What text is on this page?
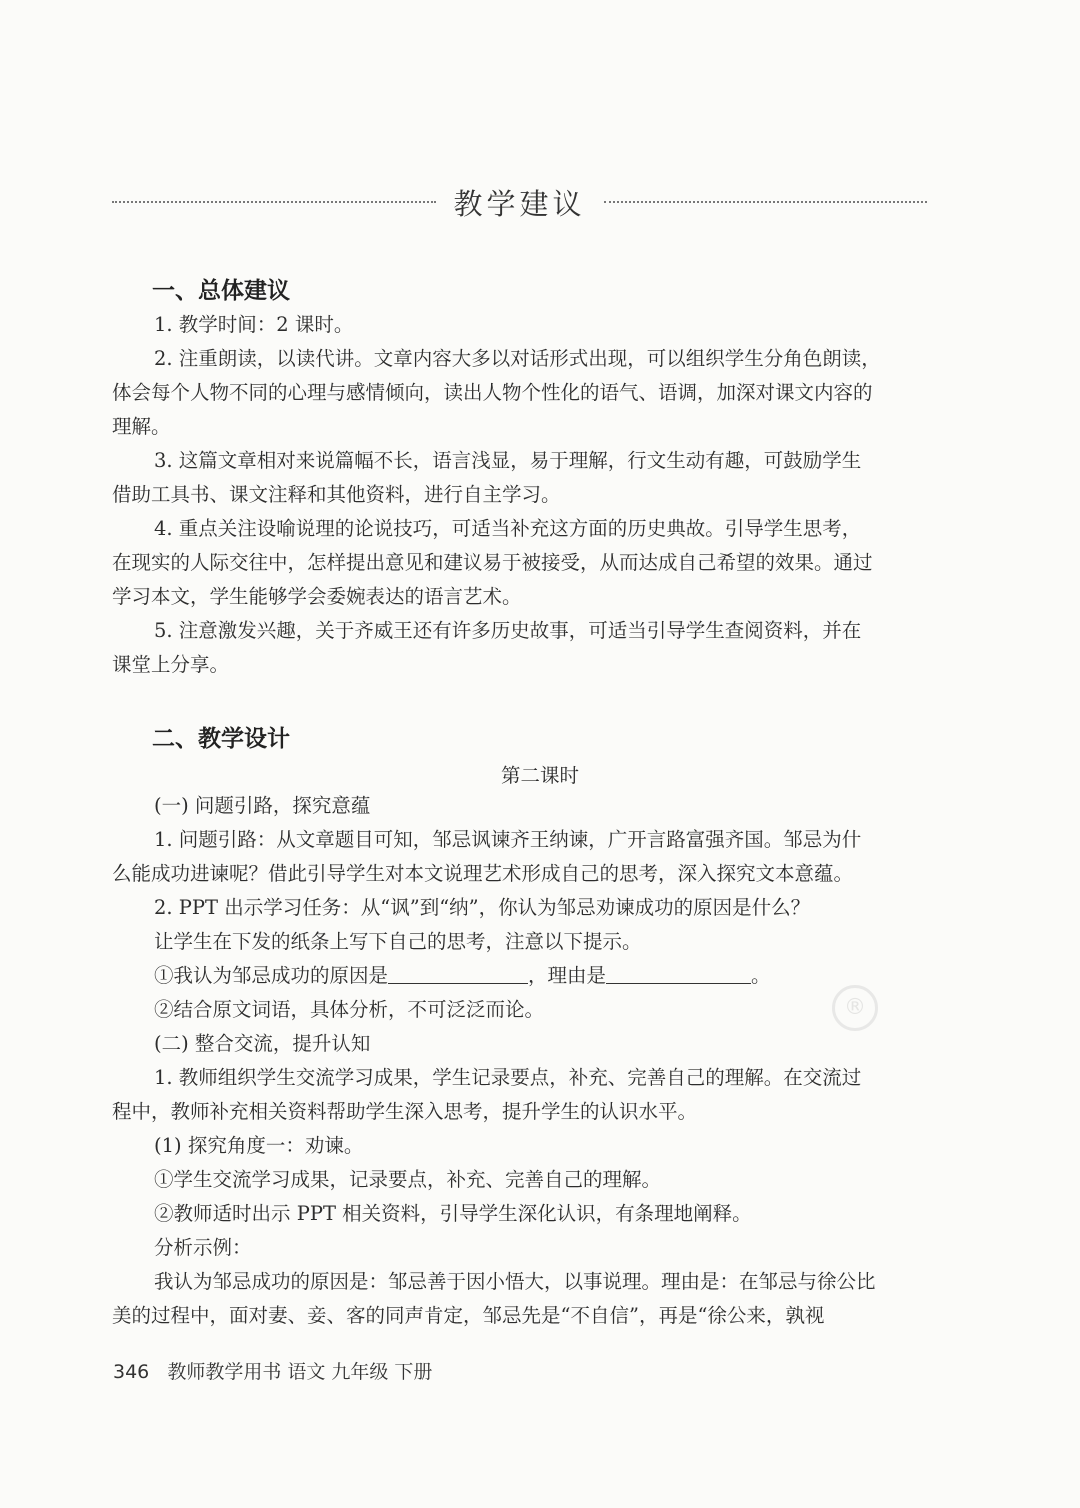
教学建议
一、总体建议
1. 教学时间：2 课时。
2. 注重朗读，以读代讲。文章内容大多以对话形式出现，可以组织学生分角色朗读，
体会每个人物不同的心理与感情倾向，读出人物个性化的语气、语调，加深对课文内容的
理解。
3. 这篇文章相对来说篇幅不长，语言浅显，易于理解，行文生动有趣，可鼓励学生
借助工具书、课文注释和其他资料，进行自主学习。
4. 重点关注设喻说理的论说技巧，可适当补充这方面的历史典故。引导学生思考，
在现实的人际交往中，怎样提出意见和建议易于被接受，从而达成自己希望的效果。通过
学习本文，学生能够学会委婉表达的语言艺术。
5. 注意激发兴趣，关于齐威王还有许多历史故事，可适当引导学生查阅资料，并在
课堂上分享。
二、教学设计
第二课时
(一) 问题引路，探究意蕴
1. 问题引路：从文章题目可知，邹忌讽谏齐王纳谏，广开言路富强齐国。邹忌为什
么能成功进谏呢？借此引导学生对本文说理艺术形成自己的思考，深入探究文本意蕴。
2. PPT 出示学习任务：从“讽”到“纳”，你认为邹忌劝谏成功的原因是什么？
让学生在下发的纸条上写下自己的思考，注意以下提示。
①我认为邹忌成功的原因是	，理由是	。
②结合原文词语，具体分析，不可泛泛而论。
(二) 整合交流，提升认知
1. 教师组织学生交流学习成果，学生记录要点，补充、完善自己的理解。在交流过
程中，教师补充相关资料帮助学生深入思考，提升学生的认识水平。
(1) 探究角度一：劝谏。
①学生交流学习成果，记录要点，补充、完善自己的理解。
②教师适时出示 PPT 相关资料，引导学生深化认识，有条理地阐释。
分析示例：
我认为邹忌成功的原因是：邹忌善于因小悟大，以事说理。理由是：在邹忌与徐公比
美的过程中，面对妻、妾、客的同声肯定，邹忌先是“不自信”，再是“徐公来，孰视
®
346 教师教学用书 语文 九年级 下册
